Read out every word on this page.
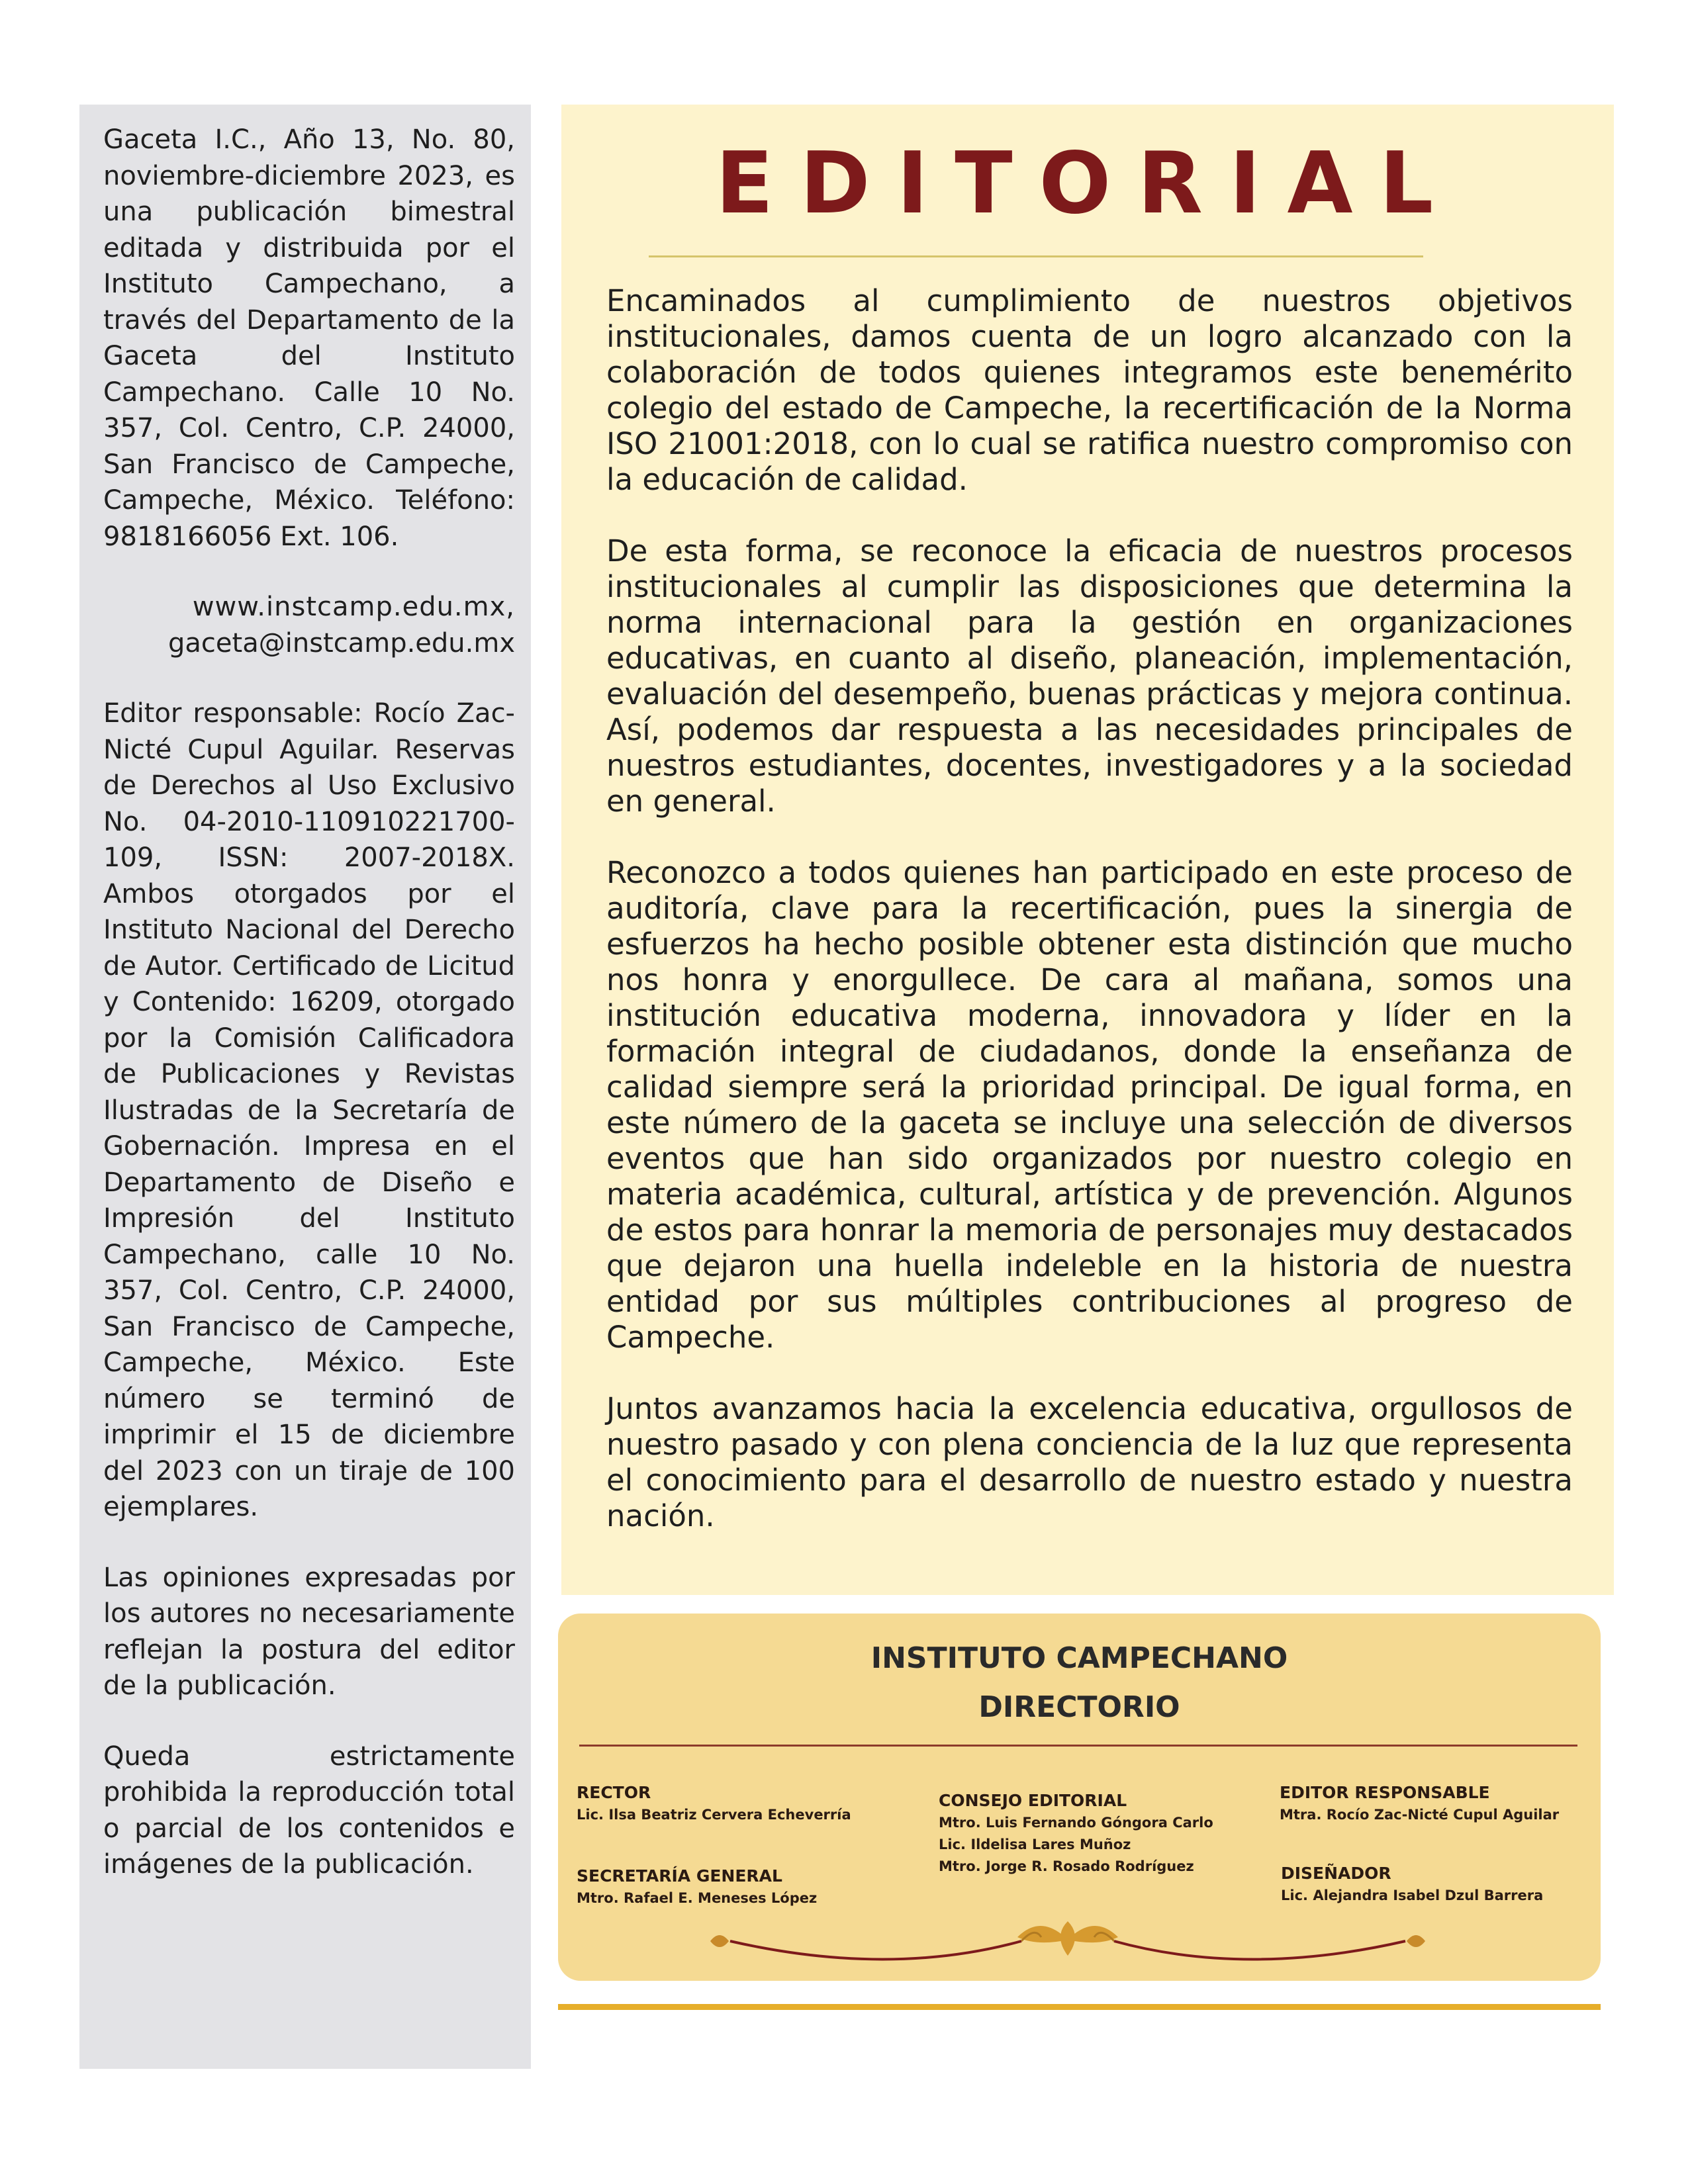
Gaceta I.C., Año 13, No. 80, noviembre-diciembre 2023, es una publicación bimestral editada y distribuida por el Instituto Campechano, a través del Departamento de la Gaceta del Instituto Campechano. Calle 10 No. 357, Col. Centro, C.P. 24000, San Francisco de Campeche, Campeche, México. Teléfono: 9818166056 Ext. 106.

www.instcamp.edu.mx,
gaceta@instcamp.edu.mx

Editor responsable: Rocío Zac-Nicté Cupul Aguilar. Reservas de Derechos al Uso Exclusivo No. 04-2010-110910221700-109, ISSN: 2007-2018X. Ambos otorgados por el Instituto Nacional del Derecho de Autor. Certificado de Licitud y Contenido: 16209, otorgado por la Comisión Calificadora de Publicaciones y Revistas Ilustradas de la Secretaría de Gobernación. Impresa en el Departamento de Diseño e Impresión del Instituto Campechano, calle 10 No. 357, Col. Centro, C.P. 24000, San Francisco de Campeche, Campeche, México. Este número se terminó de imprimir el 15 de diciembre del 2023 con un tiraje de 100 ejemplares.

Las opiniones expresadas por los autores no necesariamente reflejan la postura del editor de la publicación.

Queda estrictamente prohibida la reproducción total o parcial de los contenidos e imágenes de la publicación.

EDITORIAL

Encaminados al cumplimiento de nuestros objetivos institucionales, damos cuenta de un logro alcanzado con la colaboración de todos quienes integramos este benemérito colegio del estado de Campeche, la recertificación de la Norma ISO 21001:2018, con lo cual se ratifica nuestro compromiso con la educación de calidad.

De esta forma, se reconoce la eficacia de nuestros procesos institucionales al cumplir las disposiciones que determina la norma internacional para la gestión en organizaciones educativas, en cuanto al diseño, planeación, implementación, evaluación del desempeño, buenas prácticas y mejora continua. Así, podemos dar respuesta a las necesidades principales de nuestros estudiantes, docentes, investigadores y a la sociedad en general.

Reconozco a todos quienes han participado en este proceso de auditoría, clave para la recertificación, pues la sinergia de esfuerzos ha hecho posible obtener esta distinción que mucho nos honra y enorgullece. De cara al mañana, somos una institución educativa moderna, innovadora y líder en la formación integral de ciudadanos, donde la enseñanza de calidad siempre será la prioridad principal. De igual forma, en este número de la gaceta se incluye una selección de diversos eventos que han sido organizados por nuestro colegio en materia académica, cultural, artística y de prevención. Algunos de estos para honrar la memoria de personajes muy destacados que dejaron una huella indeleble en la historia de nuestra entidad por sus múltiples contribuciones al progreso de Campeche.

Juntos avanzamos hacia la excelencia educativa, orgullosos de nuestro pasado y con plena conciencia de la luz que representa el conocimiento para el desarrollo de nuestro estado y nuestra nación.

INSTITUTO CAMPECHANO
DIRECTORIO
RECTOR
Lic. Ilsa Beatriz Cervera Echeverría
SECRETARÍA GENERAL
Mtro. Rafael E. Meneses López
CONSEJO EDITORIAL
Mtro. Luis Fernando Góngora Carlo
Lic. Ildelisa Lares Muñoz
Mtro. Jorge R. Rosado Rodríguez
EDITOR RESPONSABLE
Mtra. Rocío Zac-Nicté Cupul Aguilar
DISEÑADOR
Lic. Alejandra Isabel Dzul Barrera
